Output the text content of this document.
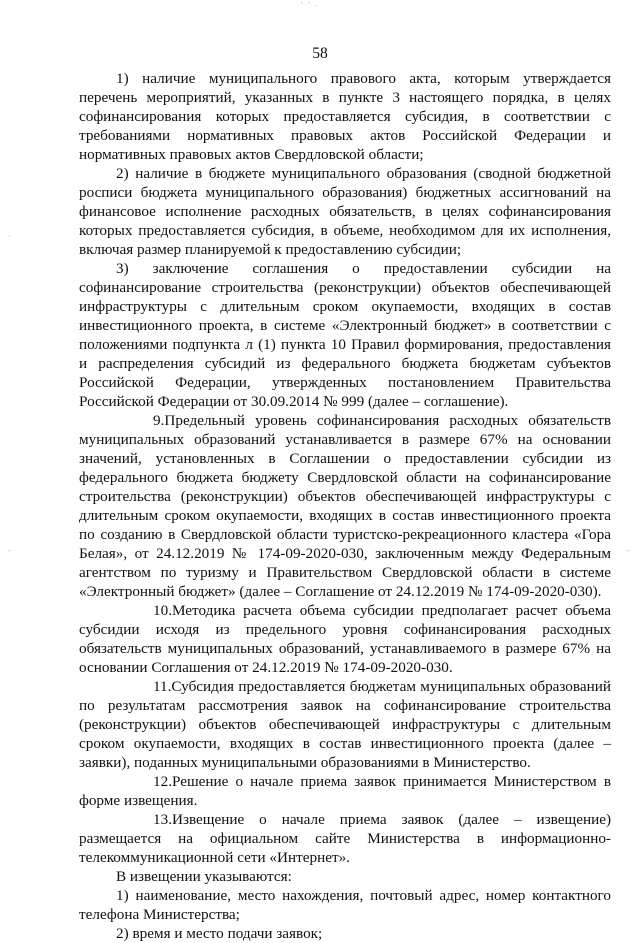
` ` ·
58

1) наличие муниципального правового акта, которым утверждается перечень мероприятий, указанных в пункте 3 настоящего порядка, в целях софинансирования которых предоставляется субсидия, в соответствии с требованиями нормативных правовых актов Российской Федерации и нормативных правовых актов Свердловской области;

2) наличие в бюджете муниципального образования (сводной бюджетной росписи бюджета муниципального образования) бюджетных ассигнований на финансовое исполнение расходных обязательств, в целях софинансирования которых предоставляется субсидия, в объеме, необходимом для их исполнения, включая размер планируемой к предоставлению субсидии;

3) заключение соглашения о предоставлении субсидии на софинансирование строительства (реконструкции) объектов обеспечивающей инфраструктуры с длительным сроком окупаемости, входящих в состав инвестиционного проекта, в системе «Электронный бюджет» в соответствии с положениями подпункта л (1) пункта 10 Правил формирования, предоставления и распределения субсидий из федерального бюджета бюджетам субъектов Российской Федерации, утвержденных постановлением Правительства Российской Федерации от 30.09.2014 № 999 (далее – соглашение).

9.Предельный уровень софинансирования расходных обязательств муниципальных образований устанавливается в размере 67% на основании значений, установленных в Соглашении о предоставлении субсидии из федерального бюджета бюджету Свердловской области на софинансирование строительства (реконструкции) объектов обеспечивающей инфраструктуры с длительным сроком окупаемости, входящих в состав инвестиционного проекта по созданию в Свердловской области туристско-рекреационного кластера «Гора Белая», от 24.12.2019 № 174-09-2020-030, заключенным между Федеральным агентством по туризму и Правительством Свердловской области в системе «Электронный бюджет» (далее – Соглашение от 24.12.2019 № 174-09-2020-030).

10.Методика расчета объема субсидии предполагает расчет объема субсидии исходя из предельного уровня софинансирования расходных обязательств муниципальных образований, устанавливаемого в размере 67% на основании Соглашения от 24.12.2019 № 174-09-2020-030.

11.Субсидия предоставляется бюджетам муниципальных образований по результатам рассмотрения заявок на софинансирование строительства (реконструкции) объектов обеспечивающей инфраструктуры с длительным сроком окупаемости, входящих в состав инвестиционного проекта (далее – заявки), поданных муниципальными образованиями в Министерство.

12.Решение о начале приема заявок принимается Министерством в форме извещения.

13.Извещение о начале приема заявок (далее – извещение) размещается на официальном сайте Министерства в информационно-телекоммуникационной сети «Интернет».

В извещении указываются:

1) наименование, место нахождения, почтовый адрес, номер контактного телефона Министерства;

2) время и место подачи заявок;

·
-	-
